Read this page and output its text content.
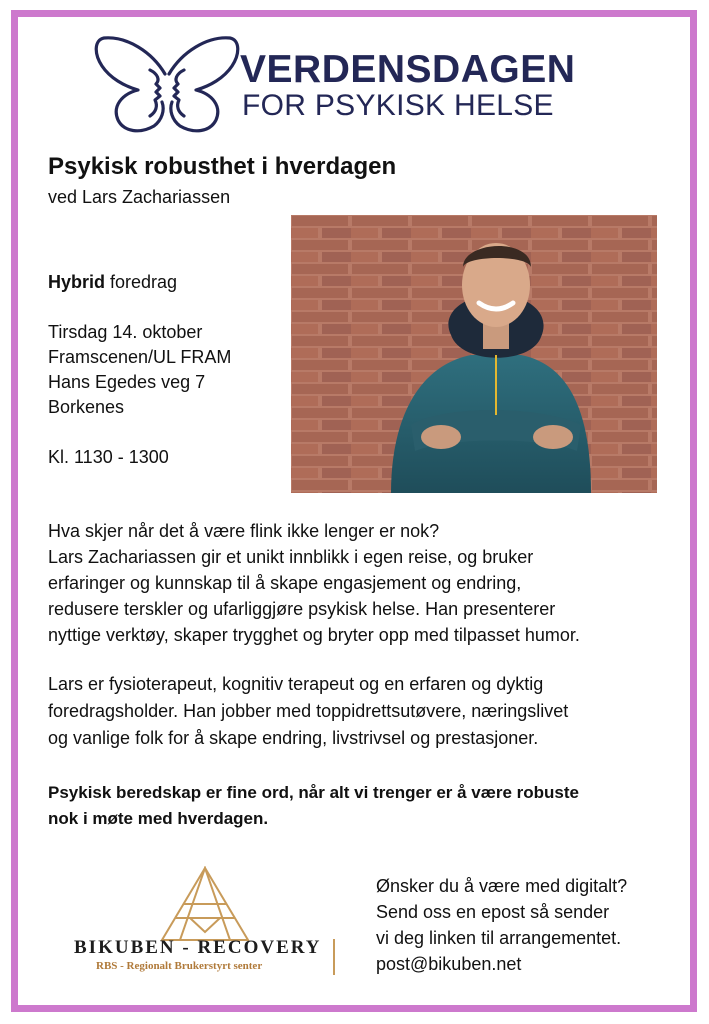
VERDENSDAGEN
FOR PSYKISK HELSE
Psykisk robusthet i hverdagen
ved Lars Zachariassen
Hybrid foredrag
Tirsdag 14. oktober
Framscenen/UL FRAM
Hans Egedes veg 7
Borkenes
Kl. 1130 - 1300
Hva skjer når det å være flink ikke lenger er nok?
Lars Zachariassen gir et unikt innblikk i egen reise, og bruker
erfaringer og kunnskap til å skape engasjement og endring,
redusere terskler og ufarliggjøre psykisk helse. Han presenterer
nyttige verktøy, skaper trygghet og bryter opp med tilpasset humor.
Lars er fysioterapeut, kognitiv terapeut og en erfaren og dyktig
foredragsholder. Han jobber med toppidrettsutøvere, næringslivet
og vanlige folk for å skape endring, livstrivsel og prestasjoner.
Psykisk beredskap er fine ord, når alt vi trenger er å være robuste
nok i møte med hverdagen.
BIKUBEN - RECOVERY
RBS - Regionalt Brukerstyrt senter
Ønsker du å være med digitalt?
Send oss en epost så sender
vi deg linken til arrangementet.
post@bikuben.net
